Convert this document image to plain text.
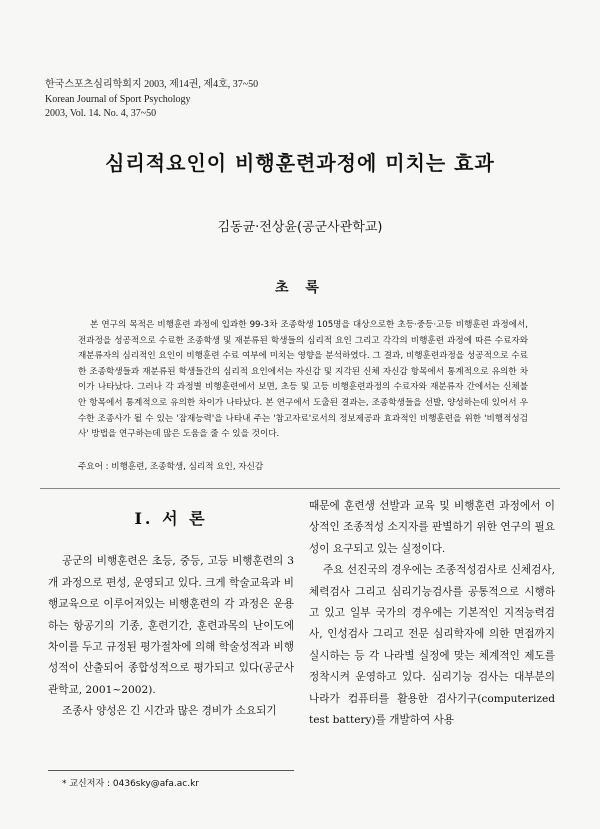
한국스포츠심리학회지 2003, 제14권, 제4호, 37~50
Korean Journal of Sport Psychology
2003, Vol. 14. No. 4, 37~50
심리적요인이 비행훈련과정에 미치는 효과
김동균·전상윤(공군사관학교)
초 록
본 연구의 목적은 비행훈련 과정에 입과한 99-3차 조종학생 105명을 대상으로한 초등·중등·고등 비행훈련 과정에서, 전과정을 성공적으로 수료한 조종학생 및 재분류된 학생들의 심리적 요인 그리고 각각의 비행훈련 과정에 따른 수료자와 재분류자의 심리적인 요인이 비행훈련 수료 여부에 미치는 영향을 분석하였다. 그 결과, 비행훈련과정을 성공적으로 수료한 조종학생들과 재분류된 학생들간의 심리적 요인에서는 자신감 및 지각된 신체 자신감 항목에서 통계적으로 유의한 차이가 나타났다. 그러나 각 과정별 비행훈련에서 보면, 초등 및 고등 비행훈련과정의 수료자와 재분류자 간에서는 신체불안 항목에서 통계적으로 유의한 차이가 나타났다. 본 연구에서 도출된 결과는, 조종학생들을 선발, 양성하는데 있어서 우수한 조종사가 될 수 있는 '잠재능력'을 나타내 주는 '참고자료'로서의 정보제공과 효과적인 비행훈련을 위한 '비행적성검사' 방법을 연구하는데 많은 도움을 줄 수 있을 것이다.
주요어 : 비행훈련, 조종학생, 심리적 요인, 자신감
Ⅰ. 서 론

공군의 비행훈련은 초등, 중등, 고등 비행훈련의 3개 과정으로 편성, 운영되고 있다. 크게 학술교육과 비행교육으로 이루어져있는 비행훈련의 각 과정은 운용하는 항공기의 기종, 훈련기간, 훈련과목의 난이도에 차이를 두고 규정된 평가절차에 의해 학술성적과 비행성적이 산출되어 종합성적으로 평가되고 있다(공군사관학교, 2001~2002).

조종사 양성은 긴 시간과 많은 경비가 소요되기

때문에 훈련생 선발과 교육 및 비행훈련 과정에서 이상적인 조종적성 소지자를 판별하기 위한 연구의 필요성이 요구되고 있는 실정이다.

주요 선진국의 경우에는 조종적성검사로 신체검사, 체력검사 그리고 심리기능검사를 공통적으로 시행하고 있고 일부 국가의 경우에는 기본적인 지적능력검사, 인성검사 그리고 전문 심리학자에 의한 면접까지 실시하는 등 각 나라별 실정에 맞는 체계적인 제도를 정착시켜 운영하고 있다. 심리기능 검사는 대부분의 나라가 컴퓨터를 활용한 검사기구(computerized test battery)를 개발하여 사용

* 교신저자 : 0436sky@afa.ac.kr
